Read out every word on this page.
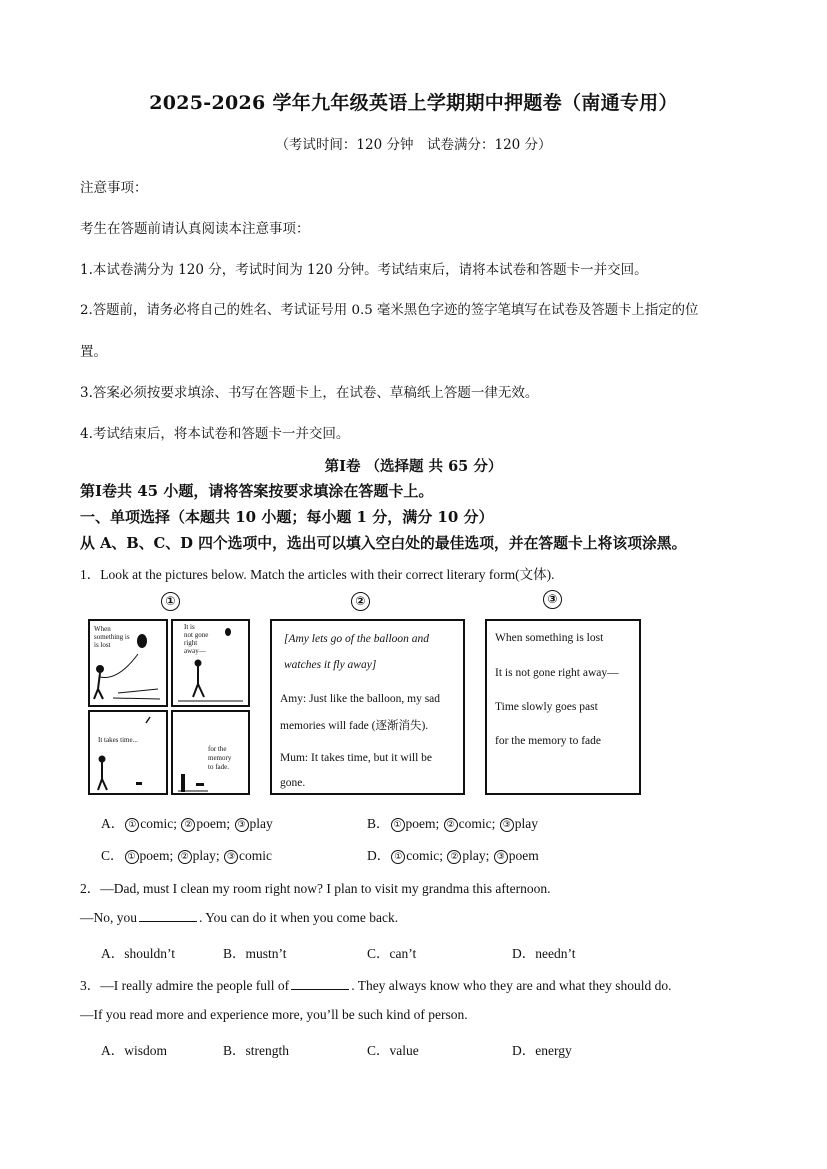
2025-2026 学年九年级英语上学期期中押题卷（南通专用）
（考试时间：120 分钟　试卷满分：120 分）
注意事项：
考生在答题前请认真阅读本注意事项：
1.本试卷满分为 120 分，考试时间为 120 分钟。考试结束后，请将本试卷和答题卡一并交回。
2.答题前，请务必将自己的姓名、考试证号用 0.5 毫米黑色字迹的签字笔填写在试卷及答题卡上指定的位
置。
3.答案必须按要求填涂、书写在答题卡上，在试卷、草稿纸上答题一律无效。
4.考试结束后，将本试卷和答题卡一并交回。
第Ⅰ卷 （选择题 共 65 分）
第Ⅰ卷共 45 小题，请将答案按要求填涂在答题卡上。
一、单项选择（本题共 10 小题；每小题 1 分，满分 10 分）
从 A、B、C、D 四个选项中，选出可以填入空白处的最佳选项，并在答题卡上将该项涂黑。
1．Look at the pictures below. Match the articles with their correct literary form(文体).
①	②	③
When
something is
is lost
It is
not gone
right
away—
It takes time...
for the
memory
to fade.
[Amy lets go of the balloon and
watches it fly away]
Amy: Just like the balloon, my sad
memories will fade (逐渐消失).
Mum: It takes time, but it will be
gone.
When something is lost
It is not gone right away—
Time slowly goes past
for the memory to fade
A． ① comic; ② poem; ③ play	B． ① poem; ② comic; ③ play
C． ① poem; ② play; ③ comic	D． ① comic; ② play; ③ poem
2．—Dad, must I clean my room right now? I plan to visit my grandma this afternoon.
—No, you	. You can do it when you come back.
A．shouldn’t	B．mustn’t	C．can’t	D．needn’t
3．—I really admire the people full of	. They always know who they are and what they should do.
—If you read more and experience more, you’ll be such kind of person.
A．wisdom	B．strength	C．value	D．energy
